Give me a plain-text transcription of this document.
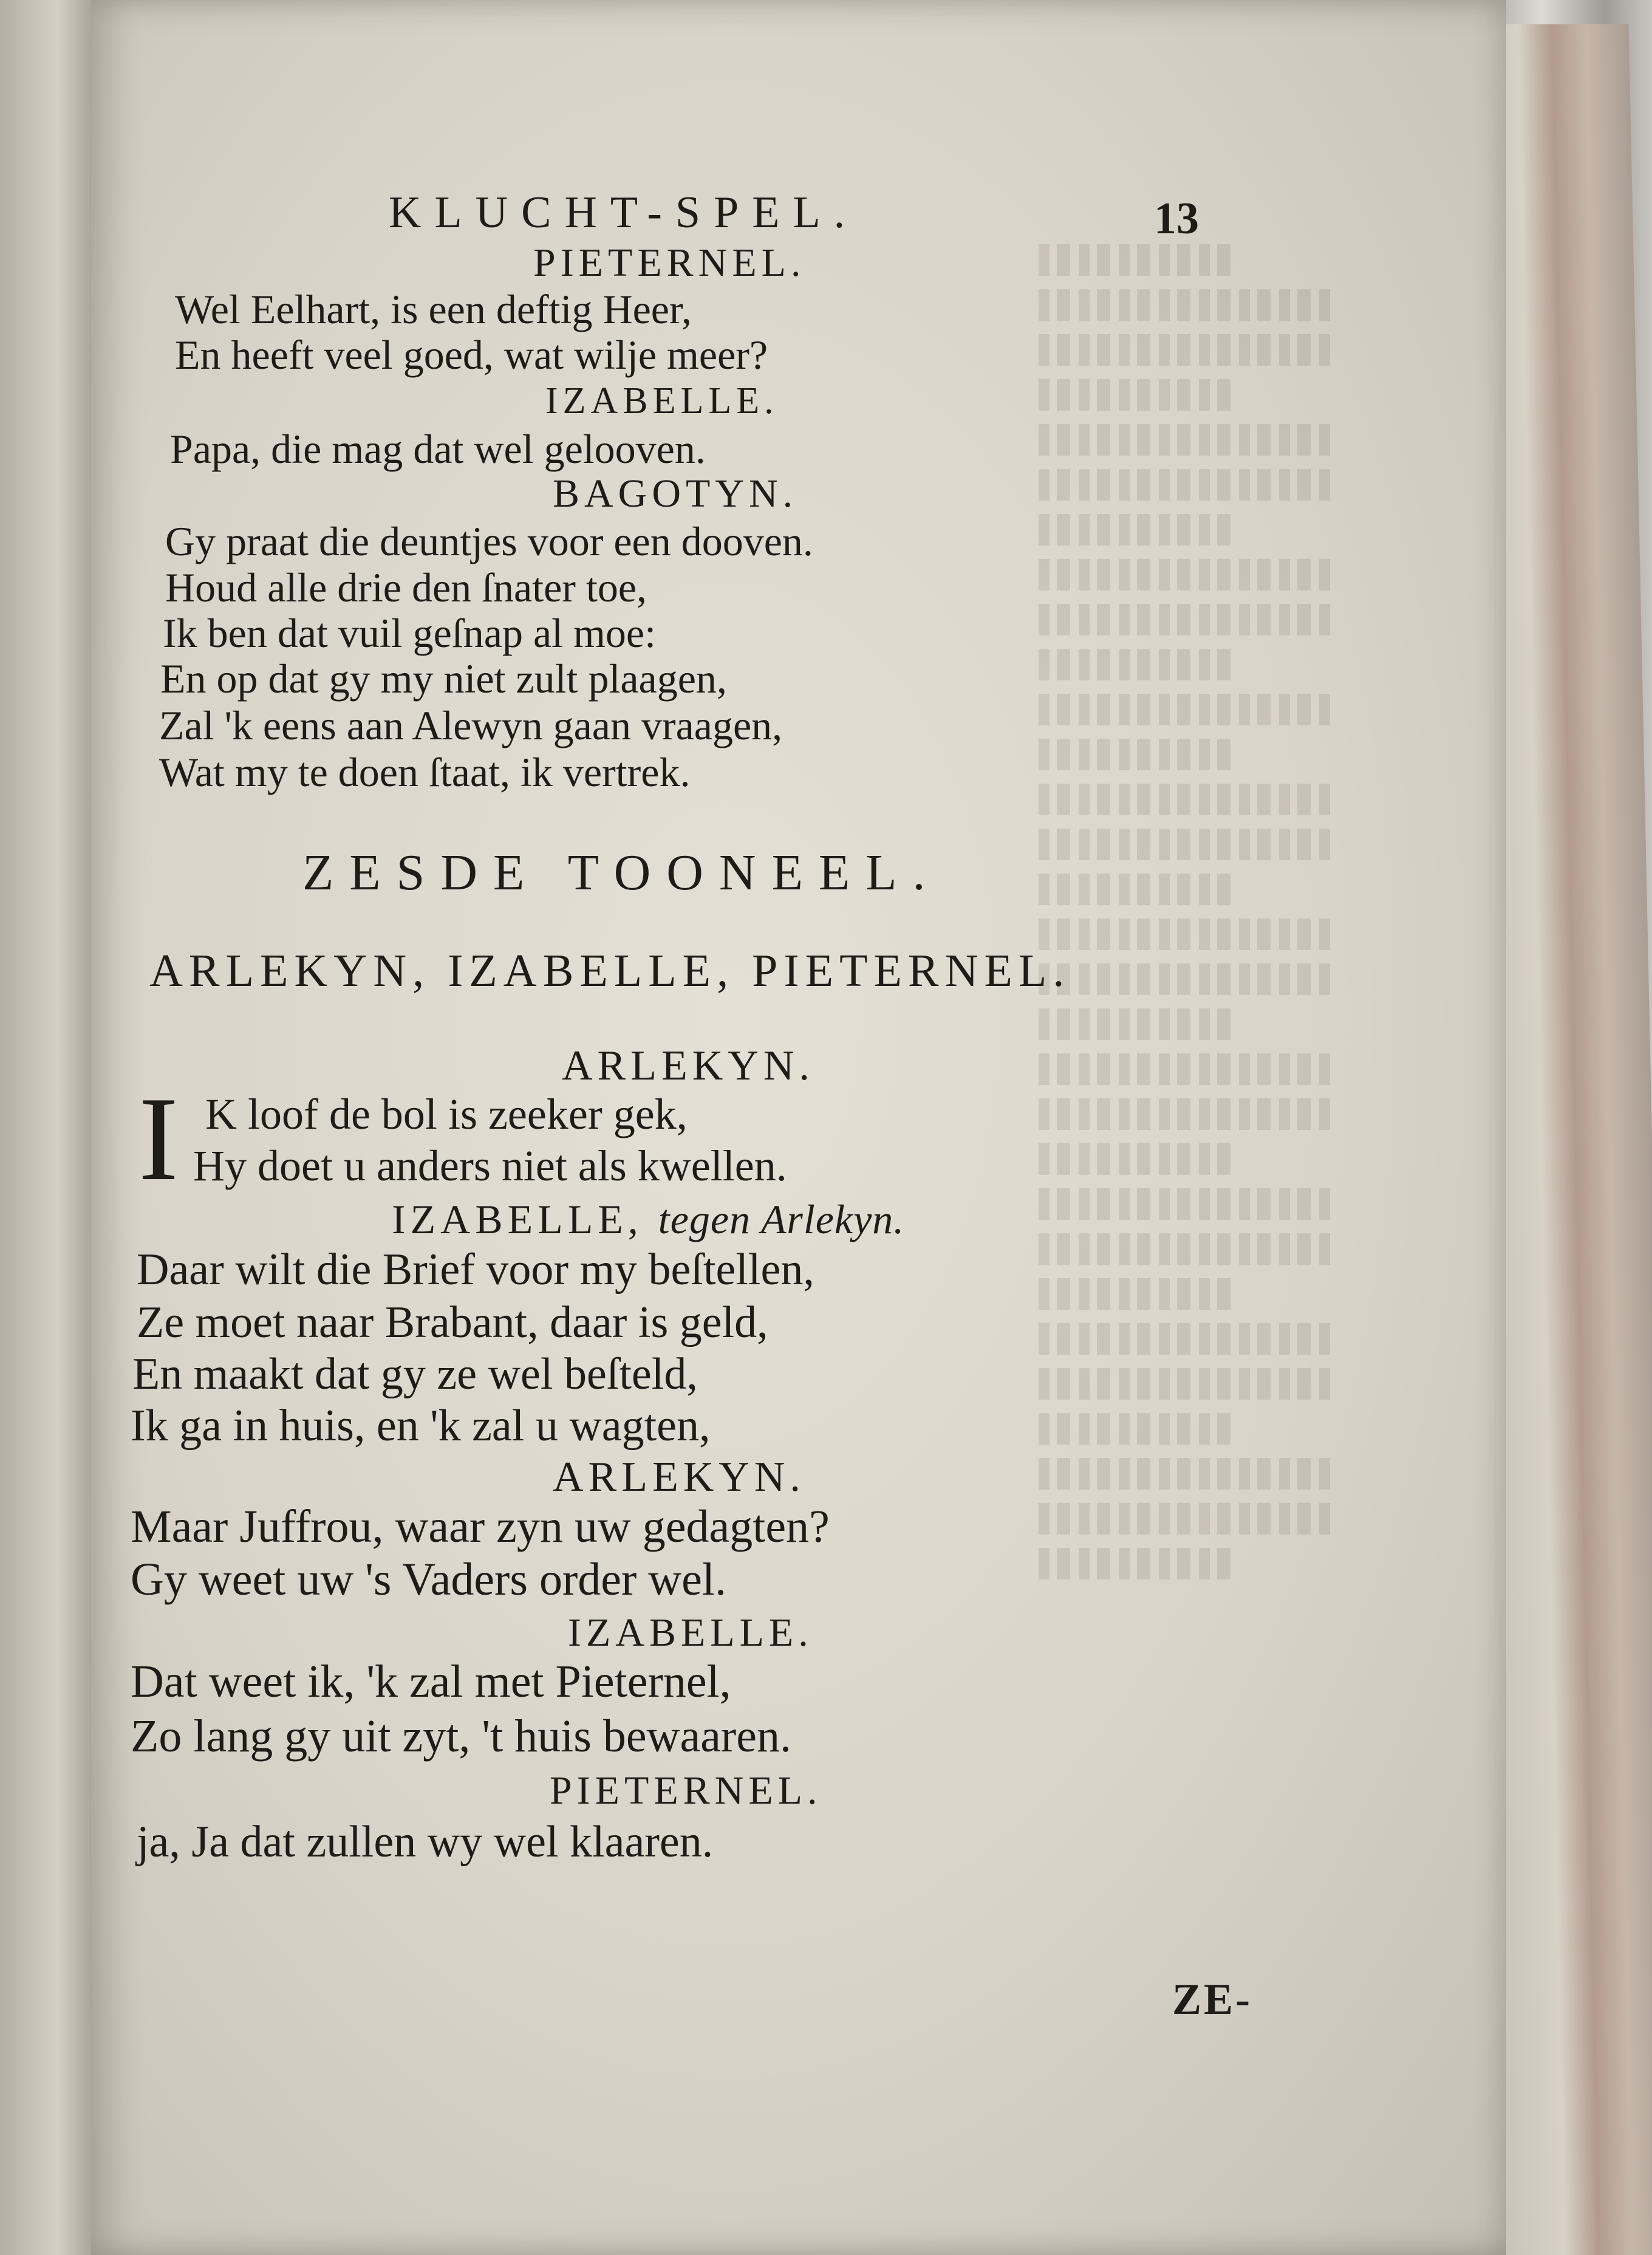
KLUCHT-SPEL.	13
PIETERNEL.
Wel Eelhart, is een deftig Heer,
En heeft veel goed, wat wilje meer?
IZABELLE.
Papa, die mag dat wel gelooven.
BAGOTYN.
Gy praat die deuntjes voor een dooven.
Houd alle drie den ſnater toe,
Ik ben dat vuil geſnap al moe:
En op dat gy my niet zult plaagen,
Zal 'k eens aan Alewyn gaan vraagen,
Wat my te doen ſtaat, ik vertrek.
ZESDE TOONEEL.
ARLEKYN, IZABELLE, PIETERNEL.
ARLEKYN.
I K loof de bol is zeeker gek,
Hy doet u anders niet als kwellen.
IZABELLE, tegen Arlekyn.
Daar wilt die Brief voor my beſtellen,
Ze moet naar Brabant, daar is geld,
En maakt dat gy ze wel beſteld,
Ik ga in huis, en 'k zal u wagten,
ARLEKYN.
Maar Juffrou, waar zyn uw gedagten?
Gy weet uw 's Vaders order wel.
IZABELLE.
Dat weet ik, 'k zal met Pieternel,
Zo lang gy uit zyt, 't huis bewaaren.
PIETERNEL.
ja, Ja dat zullen wy wel klaaren.
ZE-
